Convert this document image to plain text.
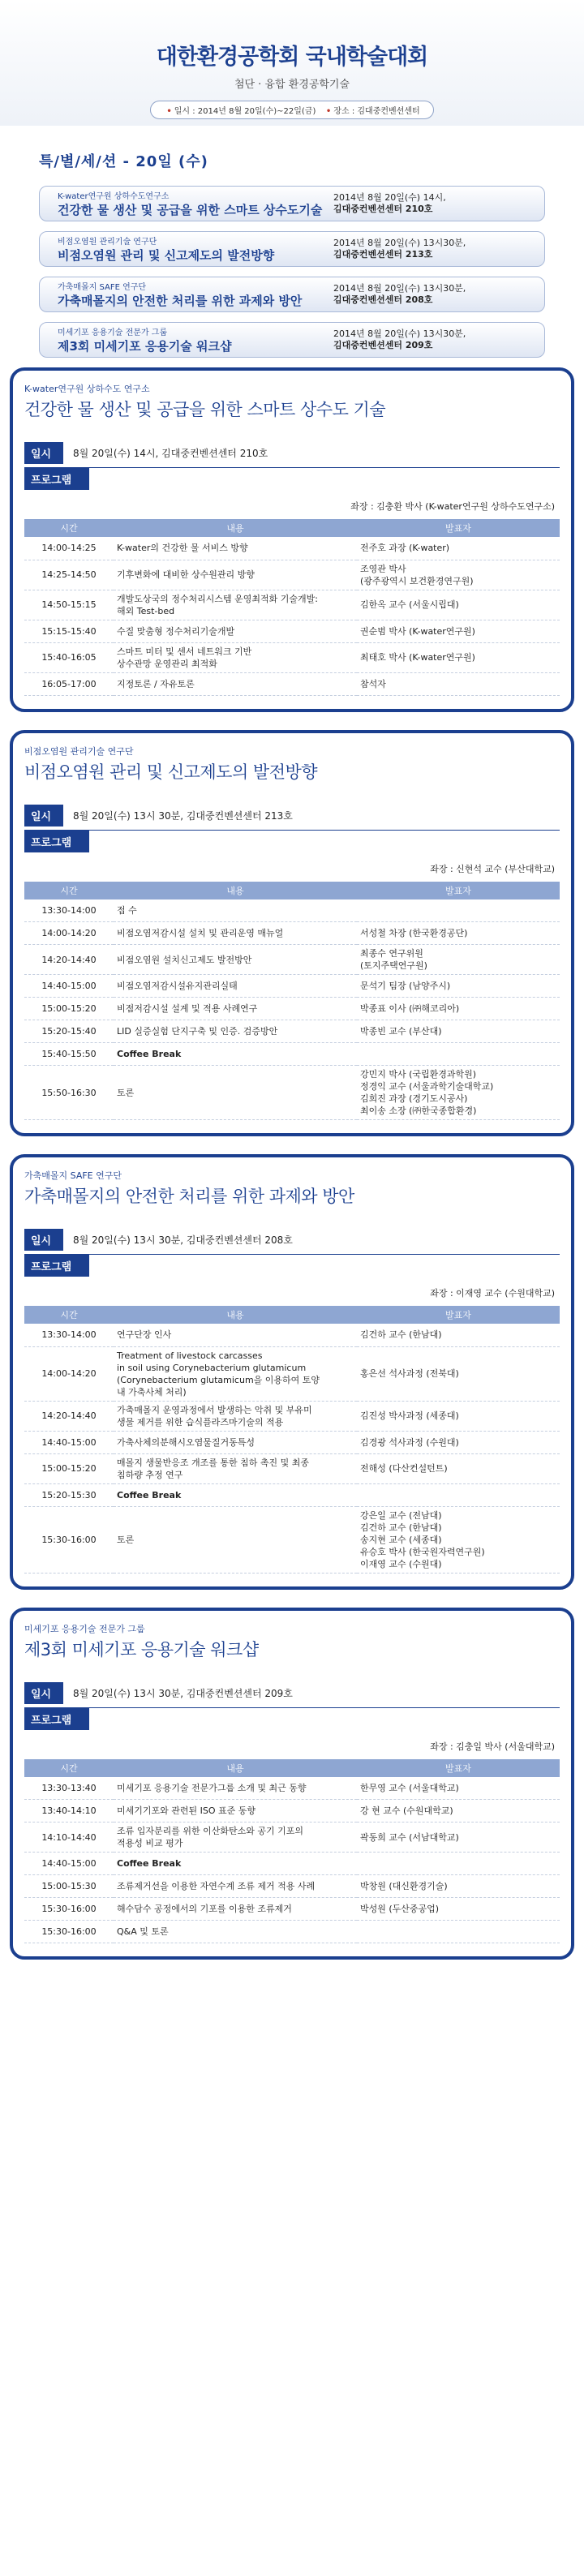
대한환경공학회 국내학술대회
첨단 · 융합 환경공학기술
• 일시 : 2014년 8월 20일(수)~22일(금) • 장소 : 김대중컨벤션센터
특/별/세/션 - 20일 (수)
K-water연구원 상하수도연구소
건강한 물 생산 및 공급을 위한 스마트 상수도기술
2014년 8월 20일(수) 14시,
김대중컨벤션센터 210호
비점오염원 관리기술 연구단
비점오염원 관리 및 신고제도의 발전방향
2014년 8월 20일(수) 13시30분,
김대중컨벤션센터 213호
가축매몰지 SAFE 연구단
가축매몰지의 안전한 처리를 위한 과제와 방안
2014년 8월 20일(수) 13시30분,
김대중컨벤션센터 208호
미세기포 응용기술 전문가 그룹
제3회 미세기포 응용기술 워크샵
2014년 8월 20일(수) 13시30분,
김대중컨벤션센터 209호
K-water연구원 상하수도 연구소
건강한 물 생산 및 공급을 위한 스마트 상수도 기술
일시	8월 20일(수) 14시, 김대중컨벤션센터 210호
프로그램
좌장 : 김충환 박사 (K-water연구원 상하수도연구소)
시간	내용	발표자
14:00-14:25	K-water의 건강한 물 서비스 방향	전주호 과장 (K-water)
14:25-14:50	기후변화에 대비한 상수원관리 방향	조영관 박사
(광주광역시 보건환경연구원)
14:50-15:15	개발도상국의 정수처리시스템 운영최적화 기술개발:
해외 Test-bed	김한옥 교수 (서울시립대)
15:15-15:40	수질 맞춤형 정수처리기술개발	권순범 박사 (K-water연구원)
15:40-16:05	스마트 미터 및 센서 네트워크 기반
상수관망 운영관리 최적화	최태호 박사 (K-water연구원)
16:05-17:00	지정토론 / 자유토론	참석자
비점오염원 관리기술 연구단
비점오염원 관리 및 신고제도의 발전방향
일시	8월 20일(수) 13시 30분, 김대중컨벤션센터 213호
프로그램
좌장 : 신현석 교수 (부산대학교)
시간	내용	발표자
13:30-14:00	접 수	
14:00-14:20	비점오염저감시설 설치 및 관리운영 매뉴얼	서성철 차장 (한국환경공단)
14:20-14:40	비점오염원 설치신고제도 발전방안	최종수 연구위원
(토지주택연구원)
14:40-15:00	비점오염저감시설유지관리실태	문석기 팀장 (남양주시)
15:00-15:20	비점저감시설 설계 및 적용 사례연구	박종표 이사 (㈜해코리아)
15:20-15:40	LID 실증실험 단지구축 및 인증. 검증방안	박종빈 교수 (부산대)
15:40-15:50	Coffee Break	
15:50-16:30	토론	강민지 박사 (국립환경과학원)
정경익 교수 (서울과학기술대학교)
김희진 과장 (경기도시공사)
최이송 소장 (㈜한국종합환경)
가축매몰지 SAFE 연구단
가축매몰지의 안전한 처리를 위한 과제와 방안
일시	8월 20일(수) 13시 30분, 김대중컨벤션센터 208호
프로그램
좌장 : 이재영 교수 (수원대학교)
시간	내용	발표자
13:30-14:00	연구단장 인사	김건하 교수 (한남대)
14:00-14:20	Treatment of livestock carcasses
in soil using Corynebacterium glutamicum
(Corynebacterium glutamicum을 이용하여 토양
내 가축사체 처리)	홍은선 석사과정 (전북대)
14:20-14:40	가축매몰지 운영과정에서 발생하는 악취 및 부유미
생물 제거를 위한 습식플라즈마기술의 적용	김진성 박사과정 (세종대)
14:40-15:00	가축사체의분해시오염물질거동특성	김경광 석사과정 (수원대)
15:00-15:20	매몰지 생물반응조 개조를 통한 침하 촉진 및 최종
침하량 추정 연구	전해성 (다산컨설턴트)
15:20-15:30	Coffee Break	
15:30-16:00	토론	강은일 교수 (전남대)
김건하 교수 (한남대)
송지현 교수 (세종대)
유승호 박사 (한국원자력연구원)
이재영 교수 (수원대)
미세기포 응용기술 전문가 그룹
제3회 미세기포 응용기술 워크샵
일시	8월 20일(수) 13시 30분, 김대중컨벤션센터 209호
프로그램
좌장 : 김충일 박사 (서울대학교)
시간	내용	발표자
13:30-13:40	미세기포 응용기술 전문가그룹 소개 및 최근 동향	한무영 교수 (서울대학교)
13:40-14:10	미세기기포와 관련된 ISO 표준 동향	강 현 교수 (수원대학교)
14:10-14:40	조류 입자분리를 위한 이산화탄소와 공기 기포의
적용성 비교 평가	곽동희 교수 (서남대학교)
14:40-15:00	Coffee Break	
15:00-15:30	조류제거선을 이용한 자연수계 조류 제거 적용 사례	박창원 (대신환경기술)
15:30-16:00	해수담수 공정에서의 기포를 이용한 조류제거	박성원 (두산중공업)
15:30-16:00	Q&A 및 토론	
